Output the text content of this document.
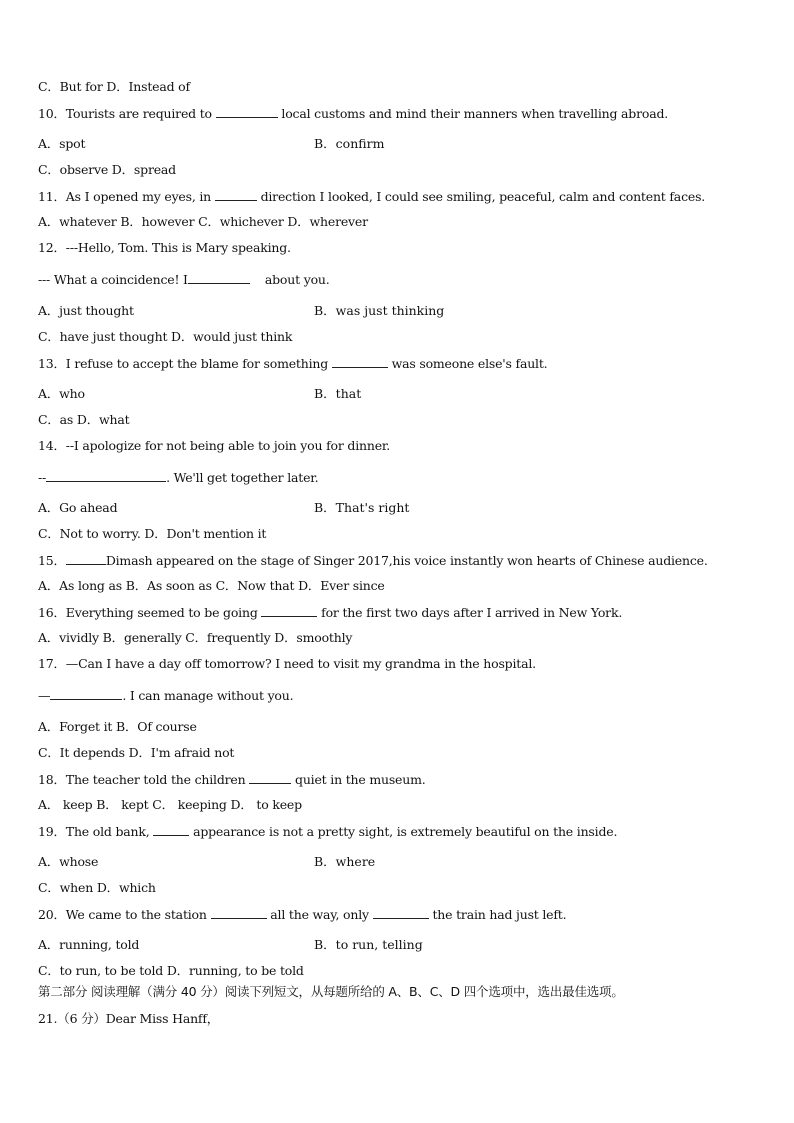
C．But for D．Instead of
10．Tourists are required to	local customs and mind their manners when travelling abroad.
A．spot	B．confirm
C．observe D．spread
11．As I opened my eyes, in	direction I looked, I could see smiling, peaceful, calm and content faces.
A．whatever B．however C．whichever D．wherever
12．---Hello, Tom. This is Mary speaking.
--- What a coincidence! I	about you.
A．just thought	B．was just thinking
C．have just thought D．would just think
13．I refuse to accept the blame for something	was someone else's fault.
A．who	B．that
C．as D．what
14．--I apologize for not being able to join you for dinner.
--	. We'll get together later.
A．Go ahead	B．That's right
C．Not to worry. D．Don't mention it
15．	Dimash appeared on the stage of Singer 2017,his voice instantly won hearts of Chinese audience.
A．As long as B．As soon as C．Now that D．Ever since
16．Everything seemed to be going	for the first two days after I arrived in New York.
A．vividly B．generally C．frequently D．smoothly
17．—Can I have a day off tomorrow? I need to visit my grandma in the hospital.
—	. I can manage without you.
A．Forget it B．Of course
C．It depends D．I'm afraid not
18．The teacher told the children	quiet in the museum.
A． keep B． kept C． keeping D． to keep
19．The old bank,	appearance is not a pretty sight, is extremely beautiful on the inside.
A．whose	B．where
C．when D．which
20．We came to the station	all the way, only	the train had just left.
A．running, told	B．to run, telling
C．to run, to be told D．running, to be told
第二部分 阅读理解（满分 40 分）阅读下列短文，从每题所给的 A、B、C、D 四个选项中，选出最佳选项。
21.（6 分）Dear Miss Hanff，
